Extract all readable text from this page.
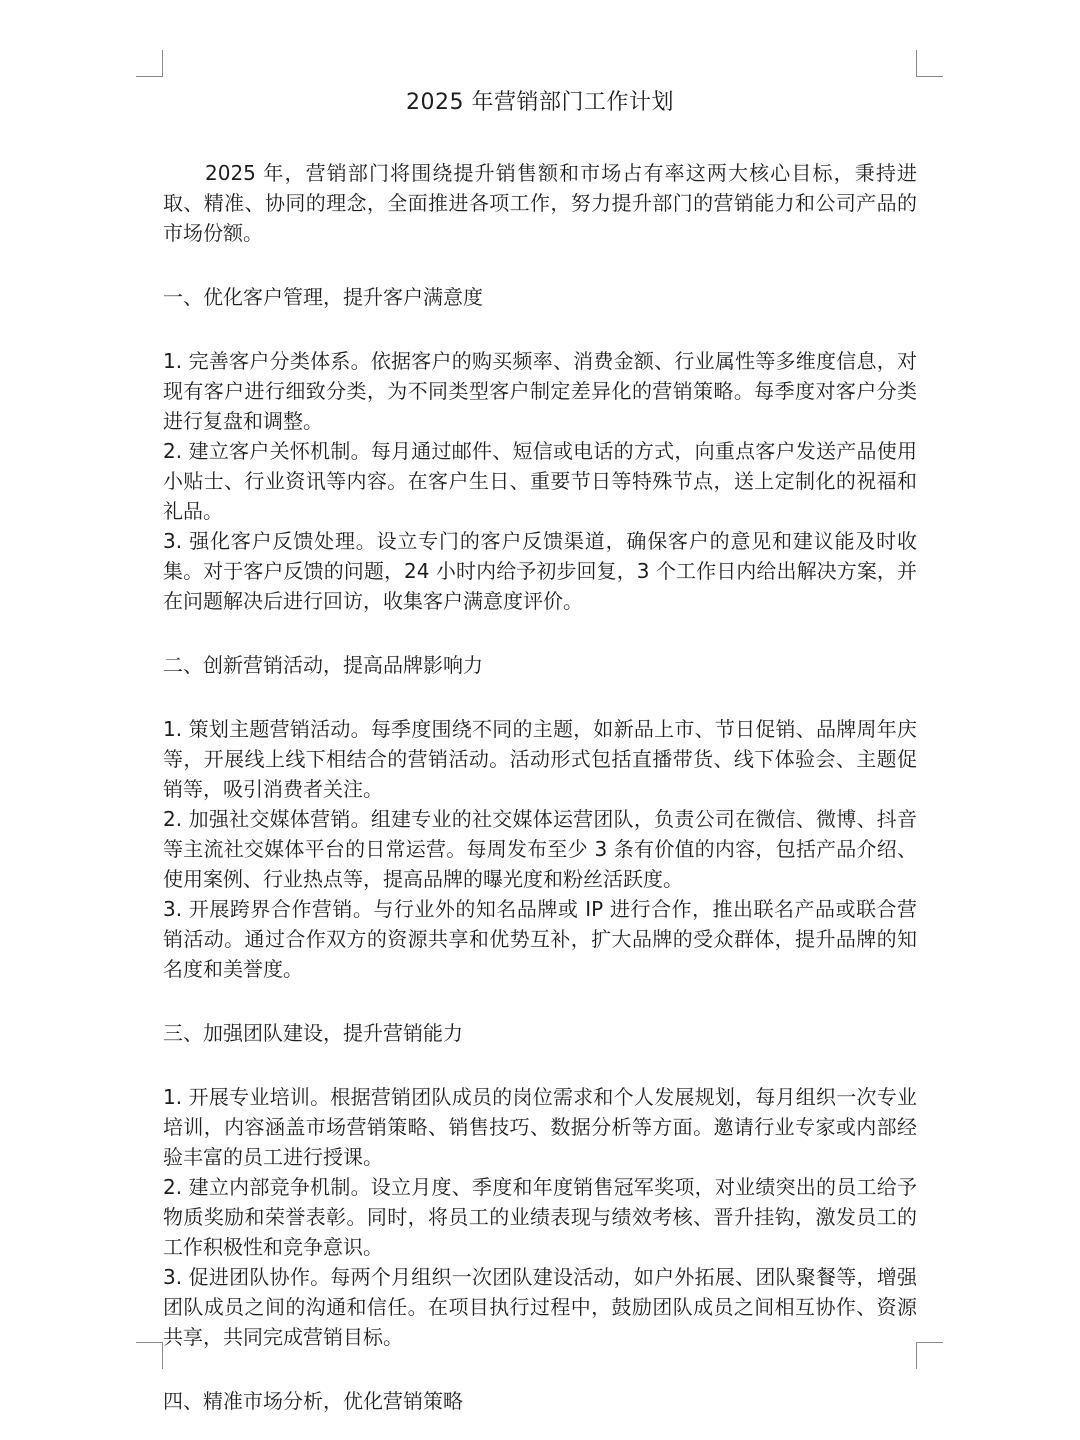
2025 年营销部门工作计划

2025 年，营销部门将围绕提升销售额和市场占有率这两大核心目标，秉持进取、精准、协同的理念，全面推进各项工作，努力提升部门的营销能力和公司产品的市场份额。

一、优化客户管理，提升客户满意度

1. 完善客户分类体系。依据客户的购买频率、消费金额、行业属性等多维度信息，对现有客户进行细致分类，为不同类型客户制定差异化的营销策略。每季度对客户分类进行复盘和调整。

2. 建立客户关怀机制。每月通过邮件、短信或电话的方式，向重点客户发送产品使用小贴士、行业资讯等内容。在客户生日、重要节日等特殊节点，送上定制化的祝福和礼品。

3. 强化客户反馈处理。设立专门的客户反馈渠道，确保客户的意见和建议能及时收集。对于客户反馈的问题，24 小时内给予初步回复，3 个工作日内给出解决方案，并在问题解决后进行回访，收集客户满意度评价。

二、创新营销活动，提高品牌影响力

1. 策划主题营销活动。每季度围绕不同的主题，如新品上市、节日促销、品牌周年庆等，开展线上线下相结合的营销活动。活动形式包括直播带货、线下体验会、主题促销等，吸引消费者关注。

2. 加强社交媒体营销。组建专业的社交媒体运营团队，负责公司在微信、微博、抖音等主流社交媒体平台的日常运营。每周发布至少 3 条有价值的内容，包括产品介绍、使用案例、行业热点等，提高品牌的曝光度和粉丝活跃度。

3. 开展跨界合作营销。与行业外的知名品牌或 IP 进行合作，推出联名产品或联合营销活动。通过合作双方的资源共享和优势互补，扩大品牌的受众群体，提升品牌的知名度和美誉度。

三、加强团队建设，提升营销能力

1. 开展专业培训。根据营销团队成员的岗位需求和个人发展规划，每月组织一次专业培训，内容涵盖市场营销策略、销售技巧、数据分析等方面。邀请行业专家或内部经验丰富的员工进行授课。

2. 建立内部竞争机制。设立月度、季度和年度销售冠军奖项，对业绩突出的员工给予物质奖励和荣誉表彰。同时，将员工的业绩表现与绩效考核、晋升挂钩，激发员工的工作积极性和竞争意识。

3. 促进团队协作。每两个月组织一次团队建设活动，如户外拓展、团队聚餐等，增强团队成员之间的沟通和信任。在项目执行过程中，鼓励团队成员之间相互协作、资源共享，共同完成营销目标。

四、精准市场分析，优化营销策略
